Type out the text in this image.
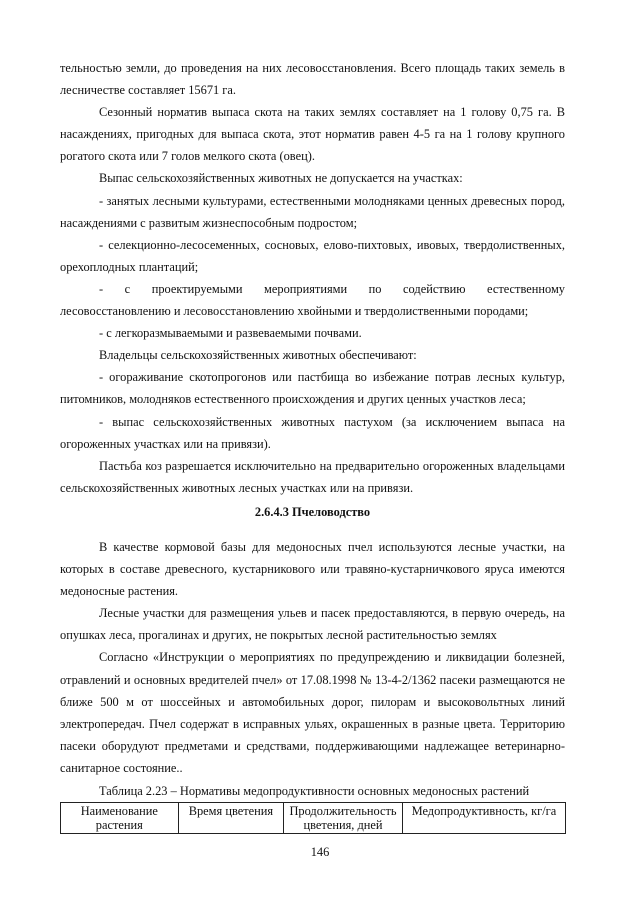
тельностью земли, до проведения на них лесовосстановления. Всего площадь таких земель в лесничестве составляет 15671 га.

Сезонный норматив выпаса скота на таких землях составляет на 1 голову 0,75 га. В насаждениях, пригодных для выпаса скота, этот норматив равен 4-5 га на 1 голову крупного рогатого скота или 7 голов мелкого скота (овец).

Выпас сельскохозяйственных животных не допускается на участках:

- занятых лесными культурами, естественными молодняками ценных древесных пород, насаждениями с развитым жизнеспособным подростом;

- селекционно-лесосеменных, сосновых, елово-пихтовых, ивовых, твердолиственных, орехоплодных плантаций;

- с проектируемыми мероприятиями по содействию естественному лесовосстановлению и лесовосстановлению хвойными и твердолиственными породами;

- с легкоразмываемыми и развеваемыми почвами.

Владельцы сельскохозяйственных животных обеспечивают:

- огораживание скотопрогонов или пастбища во избежание потрав лесных культур, питомников, молодняков естественного происхождения и других ценных участков леса;

- выпас сельскохозяйственных животных пастухом (за исключением выпаса на огороженных участках или на привязи).

Пастьба коз разрешается исключительно на предварительно огороженных владельцами сельскохозяйственных животных лесных участках или на привязи.

2.6.4.3 Пчеловодство

В качестве кормовой базы для медоносных пчел используются лесные участки, на которых в составе древесного, кустарникового или травяно-кустарничкового яруса имеются медоносные растения.

Лесные участки для размещения ульев и пасек предоставляются, в первую очередь, на опушках леса, прогалинах и других, не покрытых лесной растительностью землях

Согласно «Инструкции о мероприятиях по предупреждению и ликвидации болезней, отравлений и основных вредителей пчел» от 17.08.1998 № 13-4-2/1362 пасеки размещаются не ближе 500 м от шоссейных и автомобильных дорог, пилорам и высоковольтных линий электропередач. Пчел содержат в исправных ульях, окрашенных в разные цвета. Территорию пасеки оборудуют предметами и средствами, поддерживающими надлежащее ветеринарно-санитарное состояние..

Таблица 2.23 – Нормативы медопродуктивности основных медоносных растений

Наименование растения	Время цветения	Продолжительность цветения, дней	Медопродуктивность, кг/га
146
